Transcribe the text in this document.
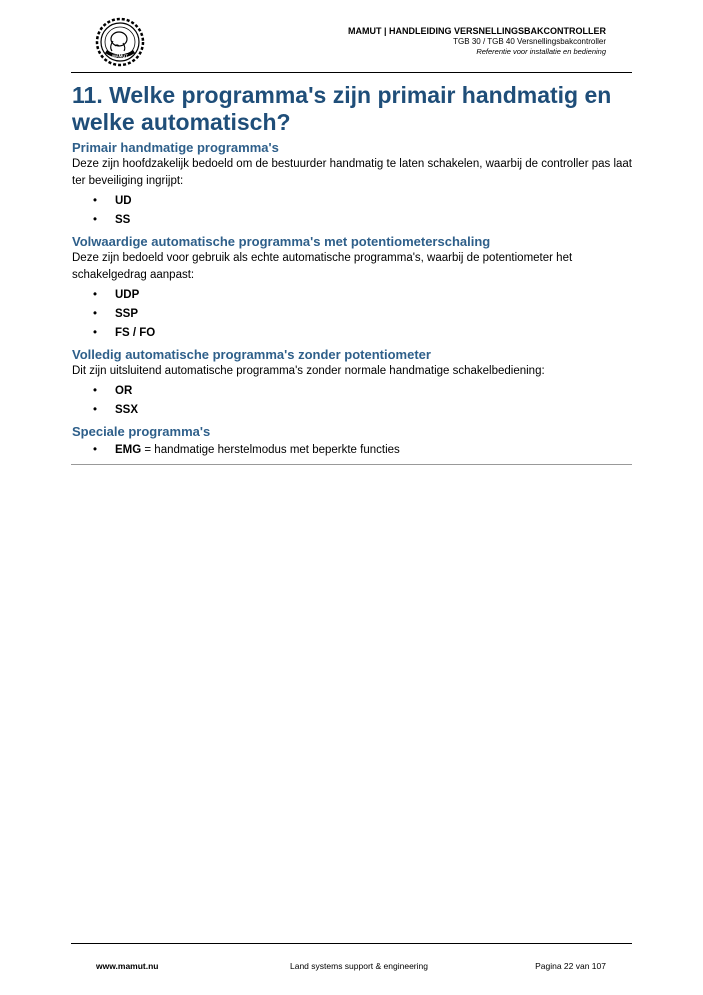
MAMUT
MAMUT | HANDLEIDING VERSNELLINGSBAKCONTROLLER
TGB 30 / TGB 40 Versnellingsbakcontroller
Referentie voor installatie en bediening
11. Welke programma's zijn primair handmatig en welke automatisch?
Primair handmatige programma's

Deze zijn hoofdzakelijk bedoeld om de bestuurder handmatig te laten schakelen, waarbij de controller pas laat ter beveiliging ingrijpt:

• UD
• SS
Volwaardige automatische programma's met potentiometerschaling

Deze zijn bedoeld voor gebruik als echte automatische programma's, waarbij de potentiometer het schakelgedrag aanpast:

• UDP
• SSP
• FS / FO
Volledig automatische programma's zonder potentiometer

Dit zijn uitsluitend automatische programma's zonder normale handmatige schakelbediening:

• OR
• SSX
Speciale programma's
• EMG = handmatige herstelmodus met beperkte functies
www.mamut.nu	Land systems support & engineering	Pagina 22 van 107
